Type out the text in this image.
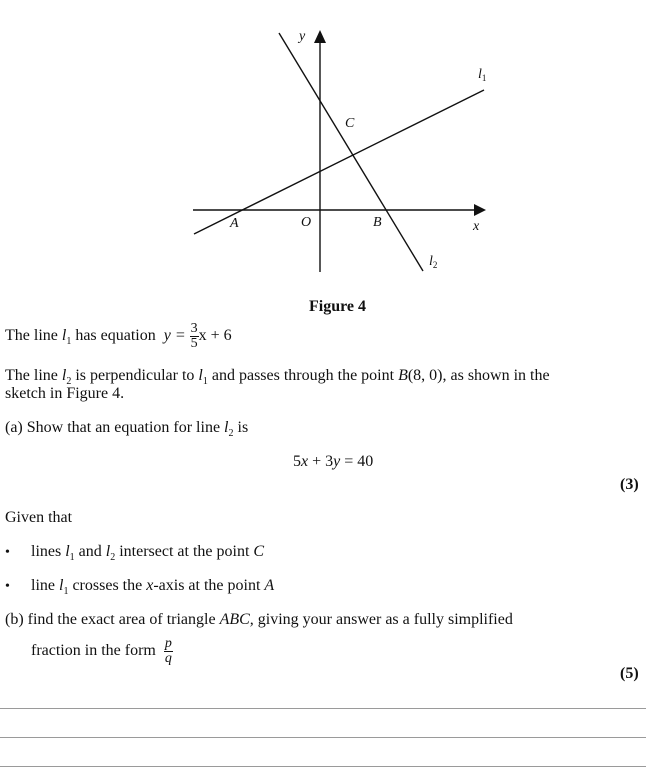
y
x
O
A	B
C
$l_1$
$l_2$
Figure 4
The line $l_1$ has equation $y = \frac{3}{5}$ x + 6
The line $l_2$ is perpendicular to $l_1$ and passes through the point B(8, 0), as shown in the
sketch in Figure 4.
(a) Show that an equation for line $l_2$ is
5x + 3y = 40
(3)
Given that
• lines $l_1$ and $l_2$ intersect at the point C
• line $l_1$ crosses the x-axis at the point A
(b) find the exact area of triangle ABC, giving your answer as a fully simplified
fraction in the form $\frac{p}{q}$
(5)
